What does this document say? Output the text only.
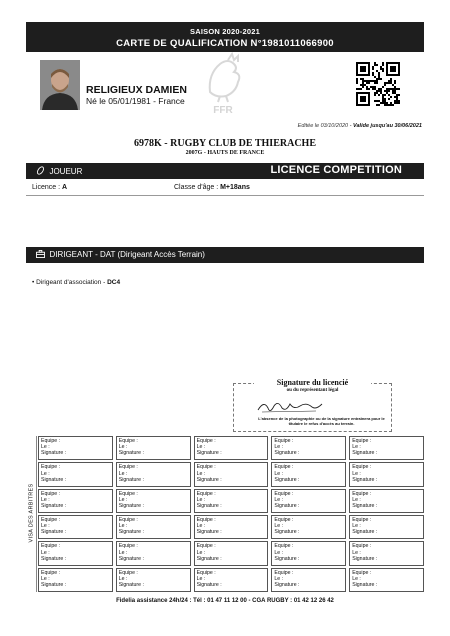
SAISON 2020-2021
CARTE DE QUALIFICATION N°1981011066900
RELIGIEUX DAMIEN
Né le 05/01/1981 - France
FFR
Editée le 03/10/2020 - Valide jusqu'au 30/06/2021
6978K - RUGBY CLUB DE THIERACHE
2007G - HAUTS DE FRANCE
JOUEUR	LICENCE COMPETITION
Licence : A	Classe d'âge : M+18ans
DIRIGEANT - DAT (Dirigeant Accès Terrain)
• Dirigeant d'association - DC4
Signature du licencié
ou du représentant légal
L'absence de la photographie ou de la signature entraînera pour le titulaire le refus d'accès au terrain.
VISA DES ARBITRES
Equipe :
Le :
Signature :
Equipe :
Le :
Signature :
Equipe :
Le :
Signature :
Equipe :
Le :
Signature :
Equipe :
Le :
Signature :
Equipe :
Le :
Signature :
Equipe :
Le :
Signature :
Equipe :
Le :
Signature :
Equipe :
Le :
Signature :
Equipe :
Le :
Signature :
Equipe :
Le :
Signature :
Equipe :
Le :
Signature :
Equipe :
Le :
Signature :
Equipe :
Le :
Signature :
Equipe :
Le :
Signature :
Equipe :
Le :
Signature :
Equipe :
Le :
Signature :
Equipe :
Le :
Signature :
Equipe :
Le :
Signature :
Equipe :
Le :
Signature :
Equipe :
Le :
Signature :
Equipe :
Le :
Signature :
Equipe :
Le :
Signature :
Equipe :
Le :
Signature :
Equipe :
Le :
Signature :
Equipe :
Le :
Signature :
Equipe :
Le :
Signature :
Equipe :
Le :
Signature :
Equipe :
Le :
Signature :
Equipe :
Le :
Signature :
Fidelia assistance 24h/24 : Tél : 01 47 11 12 00 - CGA RUGBY : 01 42 12 26 42
